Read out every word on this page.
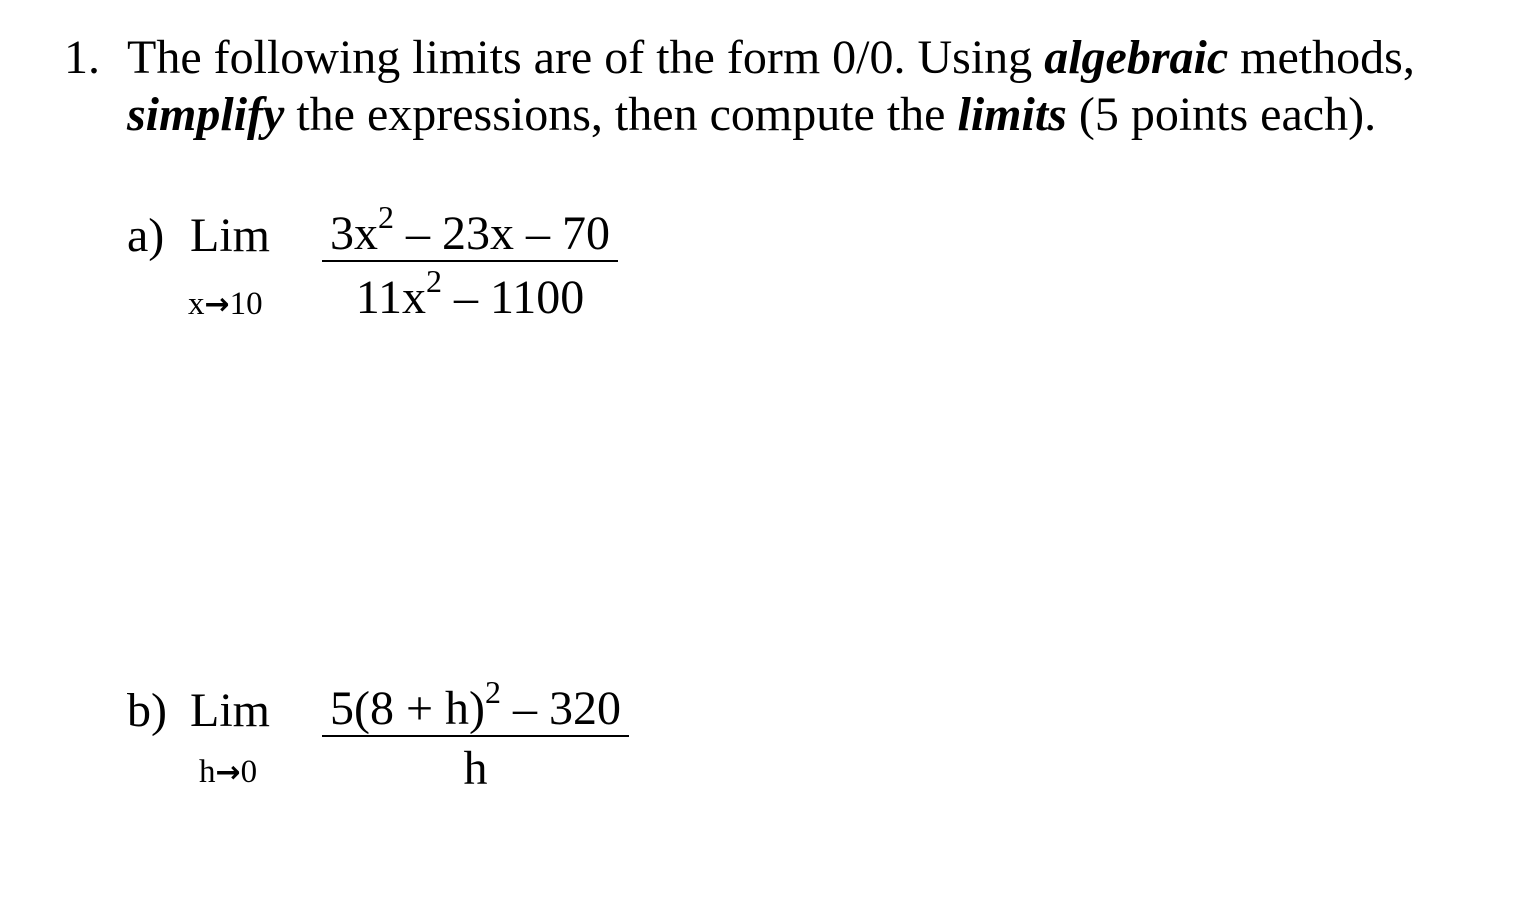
1. The following limits are of the form 0/0. Using algebraic methods,
simplify the expressions, then compute the limits (5 points each).
a) Lim
$x\to 10 \frac{3x^2 - 23x - 70}{11x^2 - 1100}$
b) Lim
$h\to 0 \frac{5(8 + h)^2 - 320}{h}$
